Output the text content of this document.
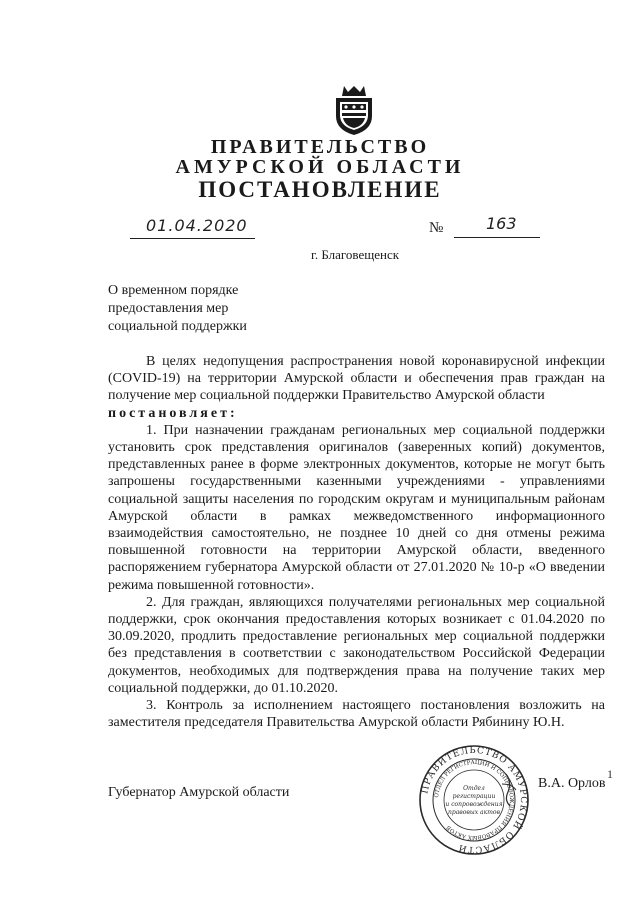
ПРАВИТЕЛЬСТВО
АМУРСКОЙ ОБЛАСТИ
ПОСТАНОВЛЕНИЕ
01.04.2020	№	163
г. Благовещенск
О временном порядке
предоставления мер
социальной поддержки

В целях недопущения распространения новой коронавирусной инфекции (COVID-19) на территории Амурской области и обеспечения прав граждан на получение мер социальной поддержки Правительство Амурской области

постановляет:

1. При назначении гражданам региональных мер социальной поддержки установить срок представления оригиналов (заверенных копий) документов, представленных ранее в форме электронных документов, которые не могут быть запрошены государственными казенными учреждениями - управлениями социальной защиты населения по городским округам и муниципальным районам Амурской области в рамках межведомственного информационного взаимодействия самостоятельно, не позднее 10 дней со дня отмены режима повышенной готовности на территории Амурской области, введенного распоряжением губернатора Амурской области от 27.01.2020 № 10-р «О введении режима повышенной готовности».

2. Для граждан, являющихся получателями региональных мер социальной поддержки, срок окончания предоставления которых возникает с 01.04.2020 по 30.09.2020, продлить предоставление региональных мер социальной поддержки без представления в соответствии с законодательством Российской Федерации документов, необходимых для подтверждения права на получение таких мер социальной поддержки, до 01.10.2020.

3. Контроль за исполнением настоящего постановления возложить на заместителя председателя Правительства Амурской области Рябинину Ю.Н.

Губернатор Амурской области
В.А. Орлов
ПРАВИТЕЛЬСТВО АМУРСКОЙ ОБЛАСТИ
ОТДЕЛ РЕГИСТРАЦИИ И СОПРОВОЖДЕНИЯ ПРАВОВЫХ АКТОВ
Отдел
регистрации
и сопровождения
правовых актов
1
